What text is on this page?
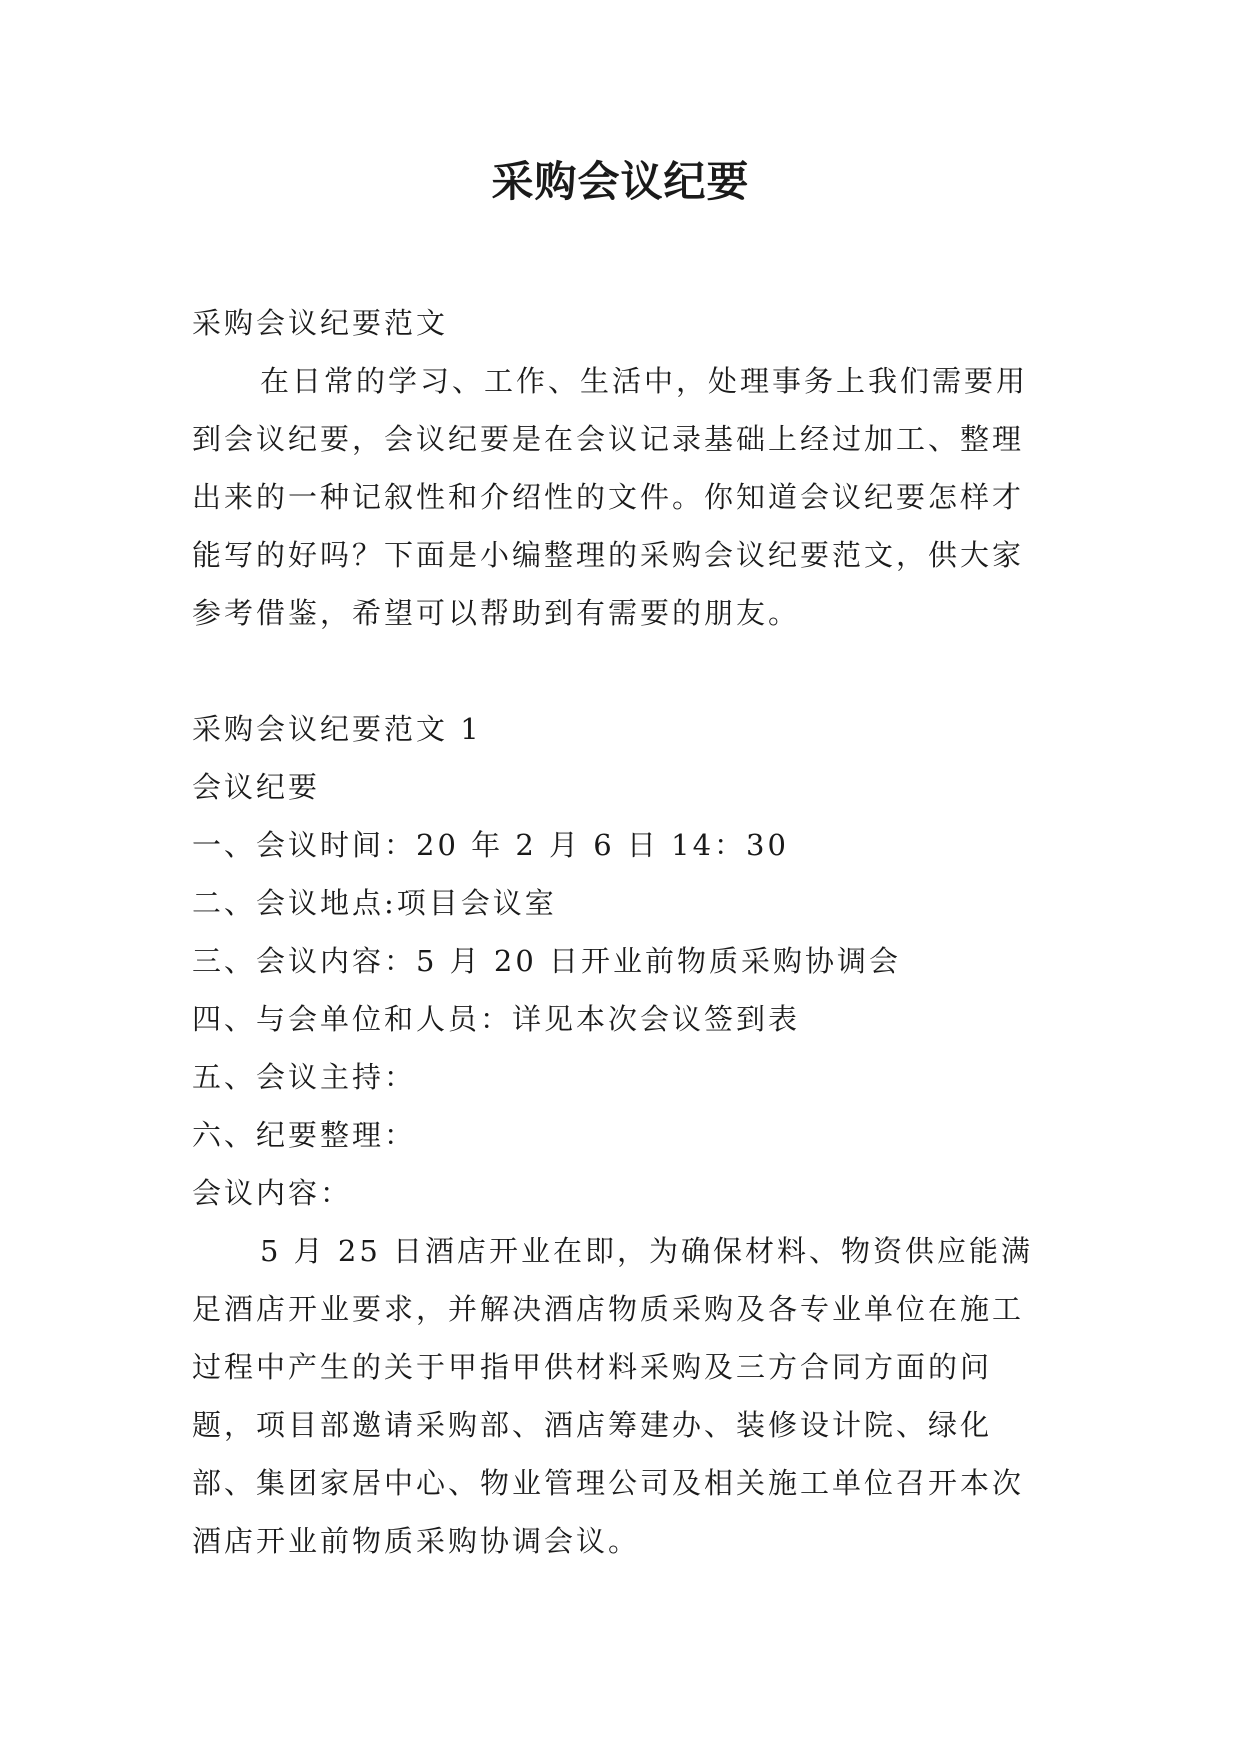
采购会议纪要

采购会议纪要范文

在日常的学习、工作、生活中，处理事务上我们需要用到会议纪要，会议纪要是在会议记录基础上经过加工、整理出来的一种记叙性和介绍性的文件。你知道会议纪要怎样才能写的好吗？下面是小编整理的采购会议纪要范文，供大家参考借鉴，希望可以帮助到有需要的朋友。

采购会议纪要范文 1

会议纪要

一、会议时间：20 年 2 月 6 日 14：30

二、会议地点:项目会议室

三、会议内容：5 月 20 日开业前物质采购协调会

四、与会单位和人员：详见本次会议签到表

五、会议主持：

六、纪要整理：

会议内容：

5 月 25 日酒店开业在即，为确保材料、物资供应能满足酒店开业要求，并解决酒店物质采购及各专业单位在施工过程中产生的关于甲指甲供材料采购及三方合同方面的问题，项目部邀请采购部、酒店筹建办、装修设计院、绿化部、集团家居中心、物业管理公司及相关施工单位召开本次酒店开业前物质采购协调会议。
